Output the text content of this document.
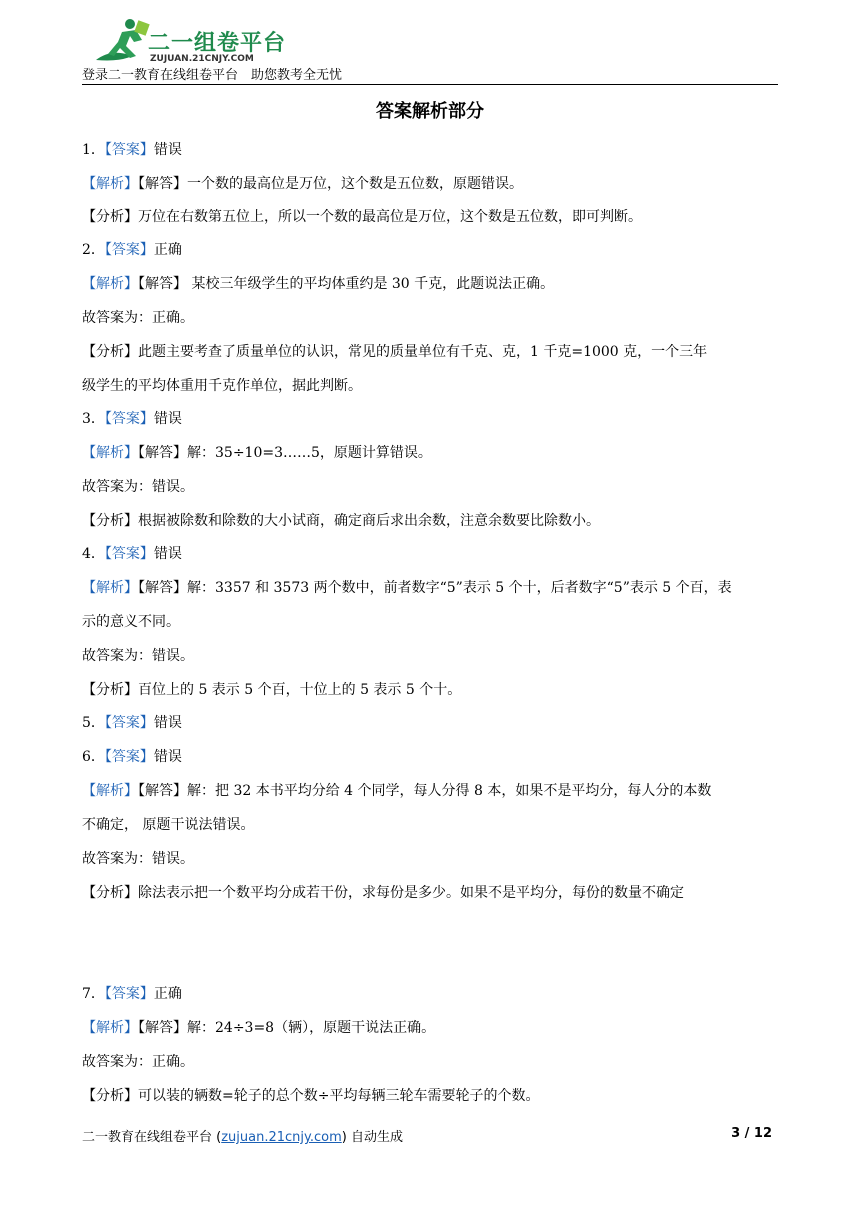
二一组卷平台
ZUJUAN.21CNJY.COM
登录二一教育在线组卷平台　助您教考全无忧
答案解析部分
1．【答案】错误
【解析】【解答】一个数的最高位是万位，这个数是五位数，原题错误。
【分析】万位在右数第五位上，所以一个数的最高位是万位，这个数是五位数，即可判断。
2．【答案】正确
【解析】【解答】 某校三年级学生的平均体重约是 30 千克，此题说法正确。
故答案为：正确。
【分析】此题主要考查了质量单位的认识，常见的质量单位有千克、克，1 千克=1000 克，一个三年
级学生的平均体重用千克作单位，据此判断。
3．【答案】错误
【解析】【解答】解：35÷10=3……5，原题计算错误。
故答案为：错误。
【分析】根据被除数和除数的大小试商，确定商后求出余数，注意余数要比除数小。
4．【答案】错误
【解析】【解答】解：3357 和 3573 两个数中，前者数字“5”表示 5 个十，后者数字“5”表示 5 个百，表
示的意义不同。
故答案为：错误。
【分析】百位上的 5 表示 5 个百，十位上的 5 表示 5 个十。
5．【答案】错误
6．【答案】错误
【解析】【解答】解：把 32 本书平均分给 4 个同学，每人分得 8 本，如果不是平均分，每人分的本数
不确定， 原题干说法错误。
故答案为：错误。
【分析】除法表示把一个数平均分成若干份，求每份是多少。如果不是平均分，每份的数量不确定
7．【答案】正确
【解析】【解答】解：24÷3=8（辆），原题干说法正确。
故答案为：正确。
【分析】可以装的辆数=轮子的总个数÷平均每辆三轮车需要轮子的个数。
二一教育在线组卷平台 (zujuan.21cnjy.com) 自动生成	3 / 12
